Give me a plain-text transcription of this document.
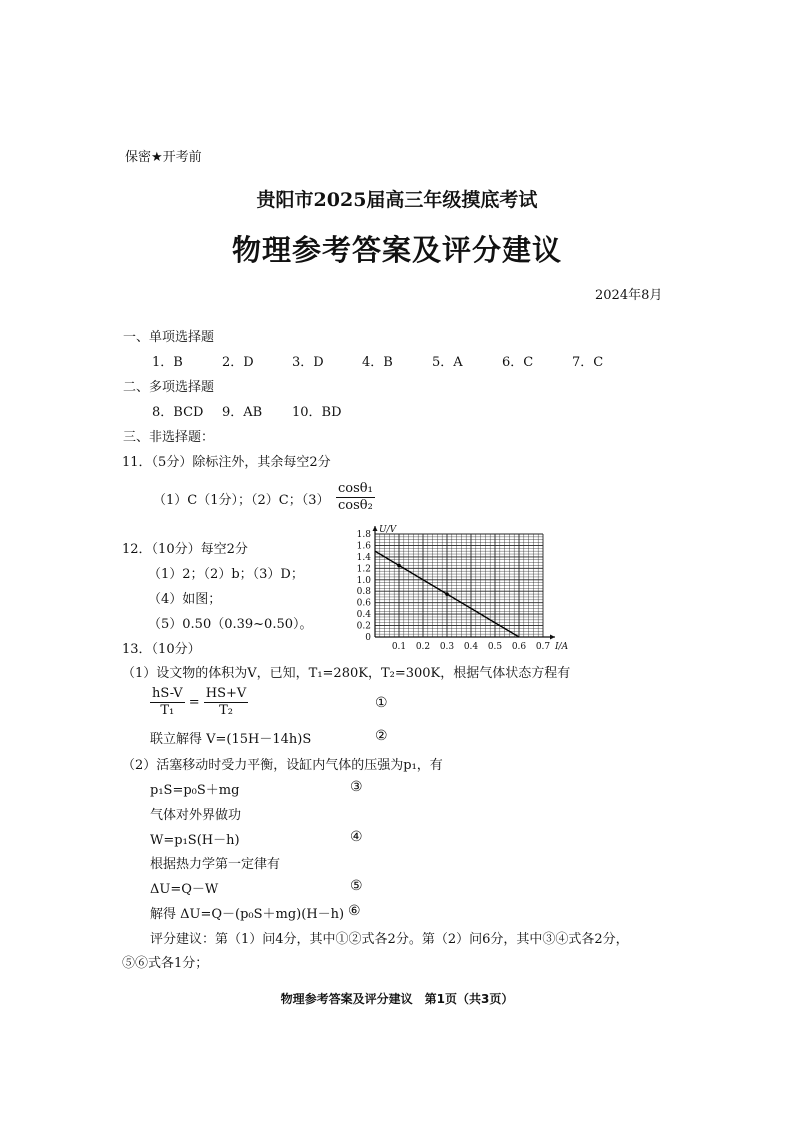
保密★开考前
贵阳市2025届高三年级摸底考试
物理参考答案及评分建议
2024年8月
一、单项选择题
1．B	2．D	3．D	4．B	5．A	6．C	7．C
二、多项选择题
8．BCD 9．AB 10．BD
三、非选择题：
11．（5分）除标注外，其余每空2分
（1）C（1分）；（2）C；$(3) \frac{\text{cosθ₁}}{\text{cosθ₂}}$
12．（10分）每空2分
（1）2；（2）b；（3）D；
（4）如图；
（5）0.50（0.39~0.50）。
0
0.2
0.4
0.6
0.8
1.0
1.2
1.4
1.6
1.8
0.1 0.2 0.3 0.4 0.5 0.6 0.7
U/V
I/A
13．（10分）
（1）设文物的体积为V，已知，T₁=280K，T₂=300K，根据气体状态方程有
$\frac{hS-V}{\text{T₁}} = \frac{HS+V}{\text{T₂}}$	①
联立解得 V=(15H－14h)S	②
（2）活塞移动时受力平衡，设缸内气体的压强为p₁，有
p₁S=p₀S＋mg	③
气体对外界做功
W=p₁S(H－h)	④
根据热力学第一定律有
ΔU=Q－W	⑤
解得 ΔU=Q－(p₀S＋mg)(H－h) ⑥
评分建议：第（1）问4分，其中①②式各2分。第（2）问6分，其中③④式各2分，
⑤⑥式各1分；
物理参考答案及评分建议　第1页（共3页）
